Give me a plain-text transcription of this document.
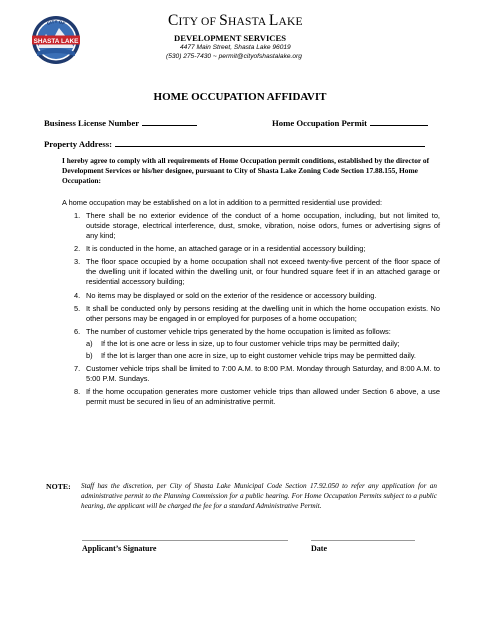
SHASTA LAKE
CITY OF	CITY OF SHASTA LAKE
DEVELOPMENT SERVICES
4477 Main Street, Shasta Lake 96019
(530) 275-7430 ~ permit@cityofshastalake.org
HOME OCCUPATION AFFIDAVIT
Business License Number	Home Occupation Permit
Property Address:
I hereby agree to comply with all requirements of Home Occupation permit conditions, established by the director of Development Services or his/her designee, pursuant to City of Shasta Lake Zoning Code Section 17.88.155, Home Occupation:
A home occupation may be established on a lot in addition to a permitted residential use provided:
1. There shall be no exterior evidence of the conduct of a home occupation, including, but not limited to, outside storage, electrical interference, dust, smoke, vibration, noise odors, fumes or advertising signs of any kind;
2. It is conducted in the home, an attached garage or in a residential accessory building;
3. The floor space occupied by a home occupation shall not exceed twenty-five percent of the floor space of the dwelling unit if located within the dwelling unit, or four hundred square feet if in an attached garage or residential accessory building;
4. No items may be displayed or sold on the exterior of the residence or accessory building.
5. It shall be conducted only by persons residing at the dwelling unit in which the home occupation exists. No other persons may be engaged in or employed for purposes of a home occupation;
6. The number of customer vehicle trips generated by the home occupation is limited as follows:
a) If the lot is one acre or less in size, up to four customer vehicle trips may be permitted daily;
b) If the lot is larger than one acre in size, up to eight customer vehicle trips may be permitted daily.
7. Customer vehicle trips shall be limited to 7:00 A.M. to 8:00 P.M. Monday through Saturday, and 8:00 A.M. to 5:00 P.M. Sundays.
8. If the home occupation generates more customer vehicle trips than allowed under Section 6 above, a use permit must be secured in lieu of an administrative permit.
NOTE: Staff has the discretion, per City of Shasta Lake Municipal Code Section 17.92.050 to refer any application for an administrative permit to the Planning Commission for a public hearing. For Home Occupation Permits subject to a public hearing, the applicant will be charged the fee for a standard Administrative Permit.
Applicant’s Signature	Date
